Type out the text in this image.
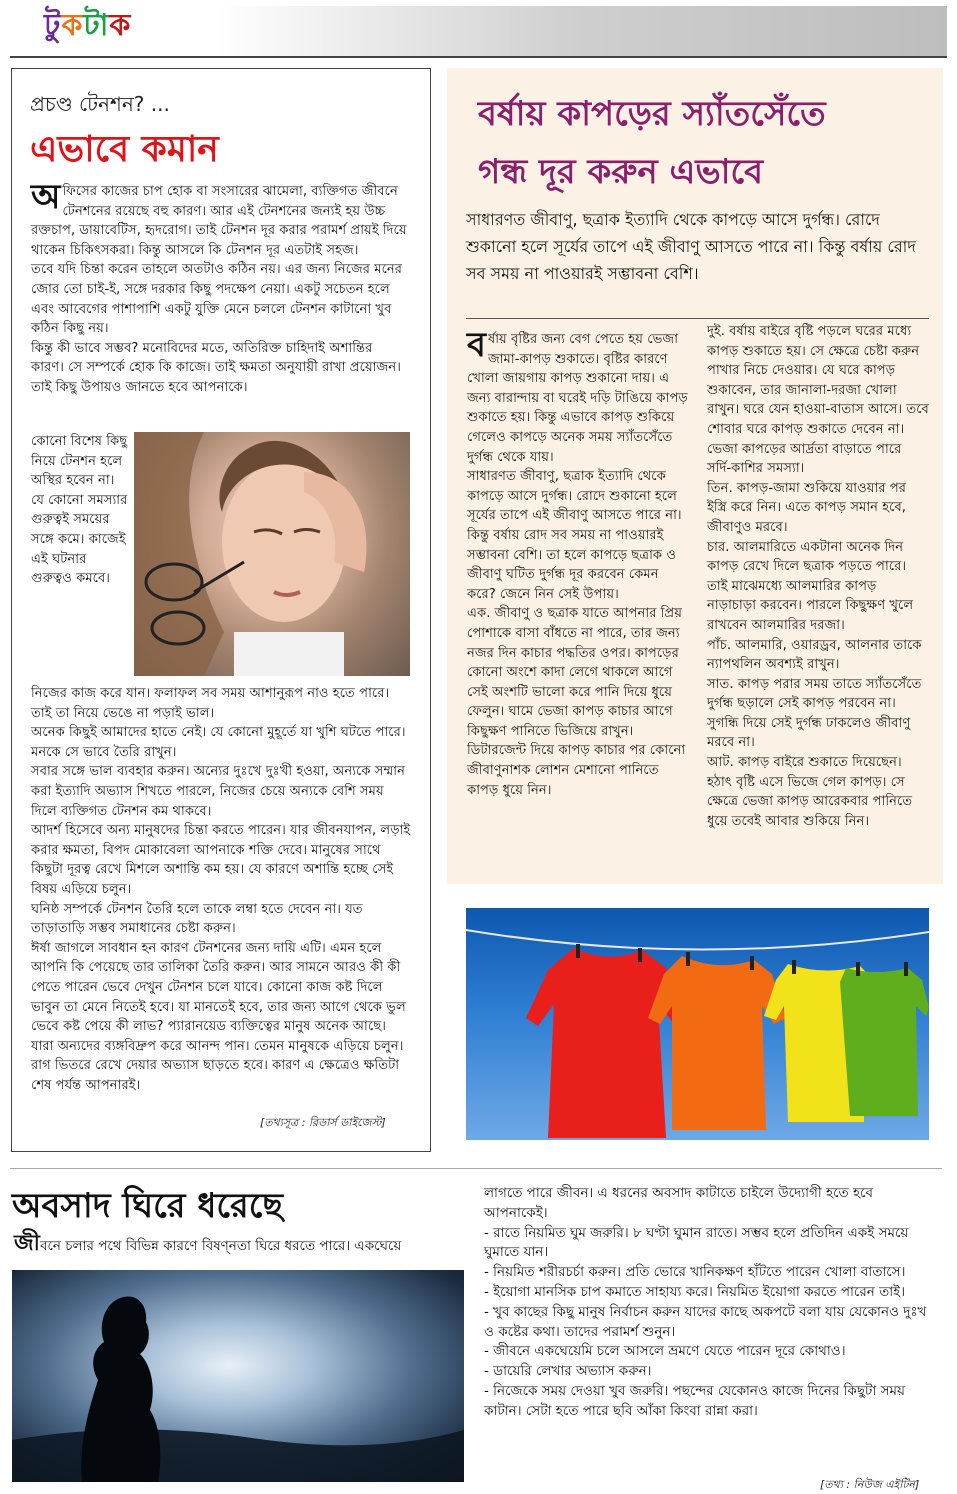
টুকটাক
প্রচণ্ড টেনশন? ...
এভাবে কমান
অ ফিসের কাজের চাপ হোক বা সংসারের ঝামেলা, ব্যক্তিগত জীবনে টেনশনের রয়েছে বহু কারণ। আর এই টেনশনের জন্যই হয় উচ্চ রক্তচাপ, ডায়াবেটিস, হৃদরোগ। তাই টেনশন দূর করার পরামর্শ প্রায়ই দিয়ে থাকেন চিকিৎসকরা। কিন্তু আসলে কি টেনশন দূর এতটাই সহজ।

তবে যদি চিন্তা করেন তাহলে অতটাও কঠিন নয়। এর জন্য নিজের মনের জোর তো চাই-ই, সঙ্গে দরকার কিছু পদক্ষেপ নেয়া। একটু সচেতন হলে এবং আবেগের পাশাপাশি একটু যুক্তি মেনে চললে টেনশন কাটানো খুব কঠিন কিছু নয়।

কিন্তু কী ভাবে সম্ভব? মনোবিদের মতে, অতিরিক্ত চাহিদাই অশান্তির কারণ। সে সম্পর্কে হোক কি কাজে। তাই ক্ষমতা অনুযায়ী রাখা প্রয়োজন। তাই কিছু উপায়ও জানতে হবে আপনাকে।

কোনো বিশেষ কিছু নিয়ে টেনশন হলে অস্থির হবেন না। যে কোনো সমস্যার গুরুত্বই সময়ের সঙ্গে কমে। কাজেই এই ঘটনার গুরুত্বও কমবে।

নিজের কাজ করে যান। ফলাফল সব সময় আশানুরূপ নাও হতে পারে। তাই তা নিয়ে ভেঙে না পড়াই ভাল।

অনেক কিছুই আমাদের হাতে নেই। যে কোনো মুহূর্তে যা খুশি ঘটতে পারে। মনকে সে ভাবে তৈরি রাখুন।

সবার সঙ্গে ভাল ব্যবহার করুন। অন্যের দুঃখে দুঃখী হওয়া, অন্যকে সম্মান করা ইত্যাদি অভ্যাস শিখতে পারলে, নিজের চেয়ে অন্যকে বেশি সময় দিলে ব্যক্তিগত টেনশন কম থাকবে।

আদর্শ হিসেবে অন্য মানুষদের চিন্তা করতে পারেন। যার জীবনযাপন, লড়াই করার ক্ষমতা, বিপদ মোকাবেলা আপনাকে শক্তি দেবে। মানুষের সাথে কিছুটা দূরত্ব রেখে মিশলে অশান্তি কম হয়। যে কারণে অশান্তি হচ্ছে সেই বিষয় এড়িয়ে চলুন।

ঘনিষ্ঠ সম্পর্কে টেনশন তৈরি হলে তাকে লম্বা হতে দেবেন না। যত তাড়াতাড়ি সম্ভব সমাধানের চেষ্টা করুন।

ঈর্ষা জাগলে সাবধান হন কারণ টেনশনের জন্য দায়ি এটি। এমন হলে আপনি কি পেয়েছে তার তালিকা তৈরি করুন। আর সামনে আরও কী কী পেতে পারেন ভেবে দেখুন টেনশন চলে যাবে। কোনো কাজ কষ্ট দিলে ভাবুন তা মেনে নিতেই হবে। যা মানতেই হবে, তার জন্য আগে থেকে ভুল ভেবে কষ্ট পেয়ে কী লাভ? প্যারানয়েড ব্যক্তিত্বের মানুষ অনেক আছে। যারা অন্যদের ব্যঙ্গবিদ্রুপ করে আনন্দ পান। তেমন মানুষকে এড়িয়ে চলুন। রাগ ভিতরে রেখে দেয়ার অভ্যাস ছাড়তে হবে। কারণ এ ক্ষেত্রেও ক্ষতিটা শেষ পর্যন্ত আপনারই।

[তথ্যসূত্র : রিডার্স ডাইজেস্ট]
বর্ষায় কাপড়ের স্যাঁতসেঁতে
গন্ধ দূর করুন এভাবে
সাধারণত জীবাণু, ছত্রাক ইত্যাদি থেকে কাপড়ে আসে দুর্গন্ধ। রোদে শুকানো হলে সূর্যের তাপে এই জীবাণু আসতে পারে না। কিন্তু বর্ষায় রোদ সব সময় না পাওয়ারই সম্ভাবনা বেশি।
ব র্ষায় বৃষ্টির জন্য বেগ পেতে হয় ভেজা জামা-কাপড় শুকাতে। বৃষ্টির কারণে খোলা জায়গায় কাপড় শুকানো দায়। এ জন্য বারান্দায় বা ঘরেই দড়ি টাঙিয়ে কাপড় শুকাতে হয়। কিন্তু এভাবে কাপড় শুকিয়ে গেলেও কাপড়ে অনেক সময় স্যাঁতসেঁতে দুর্গন্ধ থেকে যায়।

সাধারণত জীবাণু, ছত্রাক ইত্যাদি থেকে কাপড়ে আসে দুর্গন্ধ। রোদে শুকানো হলে সূর্যের তাপে এই জীবাণু আসতে পারে না। কিন্তু বর্ষায় রোদ সব সময় না পাওয়ারই সম্ভাবনা বেশি। তা হলে কাপড়ে ছত্রাক ও জীবাণু ঘটিত দুর্গন্ধ দূর করবেন কেমন করে? জেনে নিন সেই উপায়।

এক. জীবাণু ও ছত্রাক যাতে আপনার প্রিয় পোশাকে বাসা বাঁধতে না পারে, তার জন্য নজর দিন কাচার পদ্ধতির ওপর। কাপড়ের কোনো অংশে কাদা লেগে থাকলে আগে সেই অংশটি ভালো করে পানি দিয়ে ধুয়ে ফেলুন। ঘামে ভেজা কাপড় কাচার আগে কিছুক্ষণ পানিতে ভিজিয়ে রাখুন।

ডিটারজেন্ট দিয়ে কাপড় কাচার পর কোনো জীবাণুনাশক লোশন মেশানো পানিতে কাপড় ধুয়ে নিন।

দুই. বর্ষায় বাইরে বৃষ্টি পড়লে ঘরের মধ্যে কাপড় শুকাতে হয়। সে ক্ষেত্রে চেষ্টা করুন পাখার নিচে দেওয়ার। যে ঘরে কাপড় শুকাবেন, তার জানালা-দরজা খোলা রাখুন। ঘরে যেন হাওয়া-বাতাস আসে। তবে শোবার ঘরে কাপড় শুকাতে দেবেন না। ভেজা কাপড়ের আর্দ্রতা বাড়াতে পারে সর্দি-কাশির সমস্যা।

তিন. কাপড়-জামা শুকিয়ে যাওয়ার পর ইস্ত্রি করে নিন। এতে কাপড় সমান হবে, জীবাণুও মরবে।

চার. আলমারিতে একটানা অনেক দিন কাপড় রেখে দিলে ছত্রাক পড়তে পারে। তাই মাঝেমধ্যে আলমারির কাপড় নাড়াচাড়া করবেন। পারলে কিছুক্ষণ খুলে রাখবেন আলমারির দরজা।

পাঁচ. আলমারি, ওয়ারড্রব, আলনার তাকে ন্যাপথলিন অবশ্যই রাখুন।

সাত. কাপড় পরার সময় তাতে স্যাঁতসেঁতে দুর্গন্ধ ছড়ালে সেই কাপড় পরবেন না। সুগন্ধি দিয়ে সেই দুর্গন্ধ ঢাকলেও জীবাণু মরবে না।

আট. কাপড় বাইরে শুকাতে দিয়েছেন। হঠাৎ বৃষ্টি এসে ভিজে গেল কাপড়। সে ক্ষেত্রে ভেজা কাপড় আরেকবার পানিতে ধুয়ে তবেই আবার শুকিয়ে নিন।

অবসাদ ঘিরে ধরেছে
জীবনে চলার পথে বিভিন্ন কারণে বিষণ্নতা ঘিরে ধরতে পারে। একঘেয়ে

লাগতে পারে জীবন। এ ধরনের অবসাদ কাটাতে চাইলে উদ্যোগী হতে হবে আপনাকেই।

- রাতে নিয়মিত ঘুম জরুরি। ৮ ঘণ্টা ঘুমান রাতে। সম্ভব হলে প্রতিদিন একই সময়ে ঘুমাতে যান।

- নিয়মিত শরীরচর্চা করুন। প্রতি ভোরে খানিকক্ষণ হাঁটতে পারেন খোলা বাতাসে।

- ইয়োগা মানসিক চাপ কমাতে সাহায্য করে। নিয়মিত ইয়োগা করতে পারেন তাই।

- খুব কাছের কিছু মানুষ নির্বাচন করুন যাদের কাছে অকপটে বলা যায় যেকোনও দুঃখ ও কষ্টের কথা। তাদের পরামর্শ শুনুন।

- জীবনে একঘেয়েমি চলে আসলে ভ্রমণে যেতে পারেন দূরে কোথাও।

- ডায়েরি লেখার অভ্যাস করুন।

- নিজেকে সময় দেওয়া খুব জরুরি। পছন্দের যেকোনও কাজে দিনের কিছুটা সময় কাটান। সেটা হতে পারে ছবি আঁকা কিংবা রান্না করা।

[তথ্য : নিউজ এইটিন]
